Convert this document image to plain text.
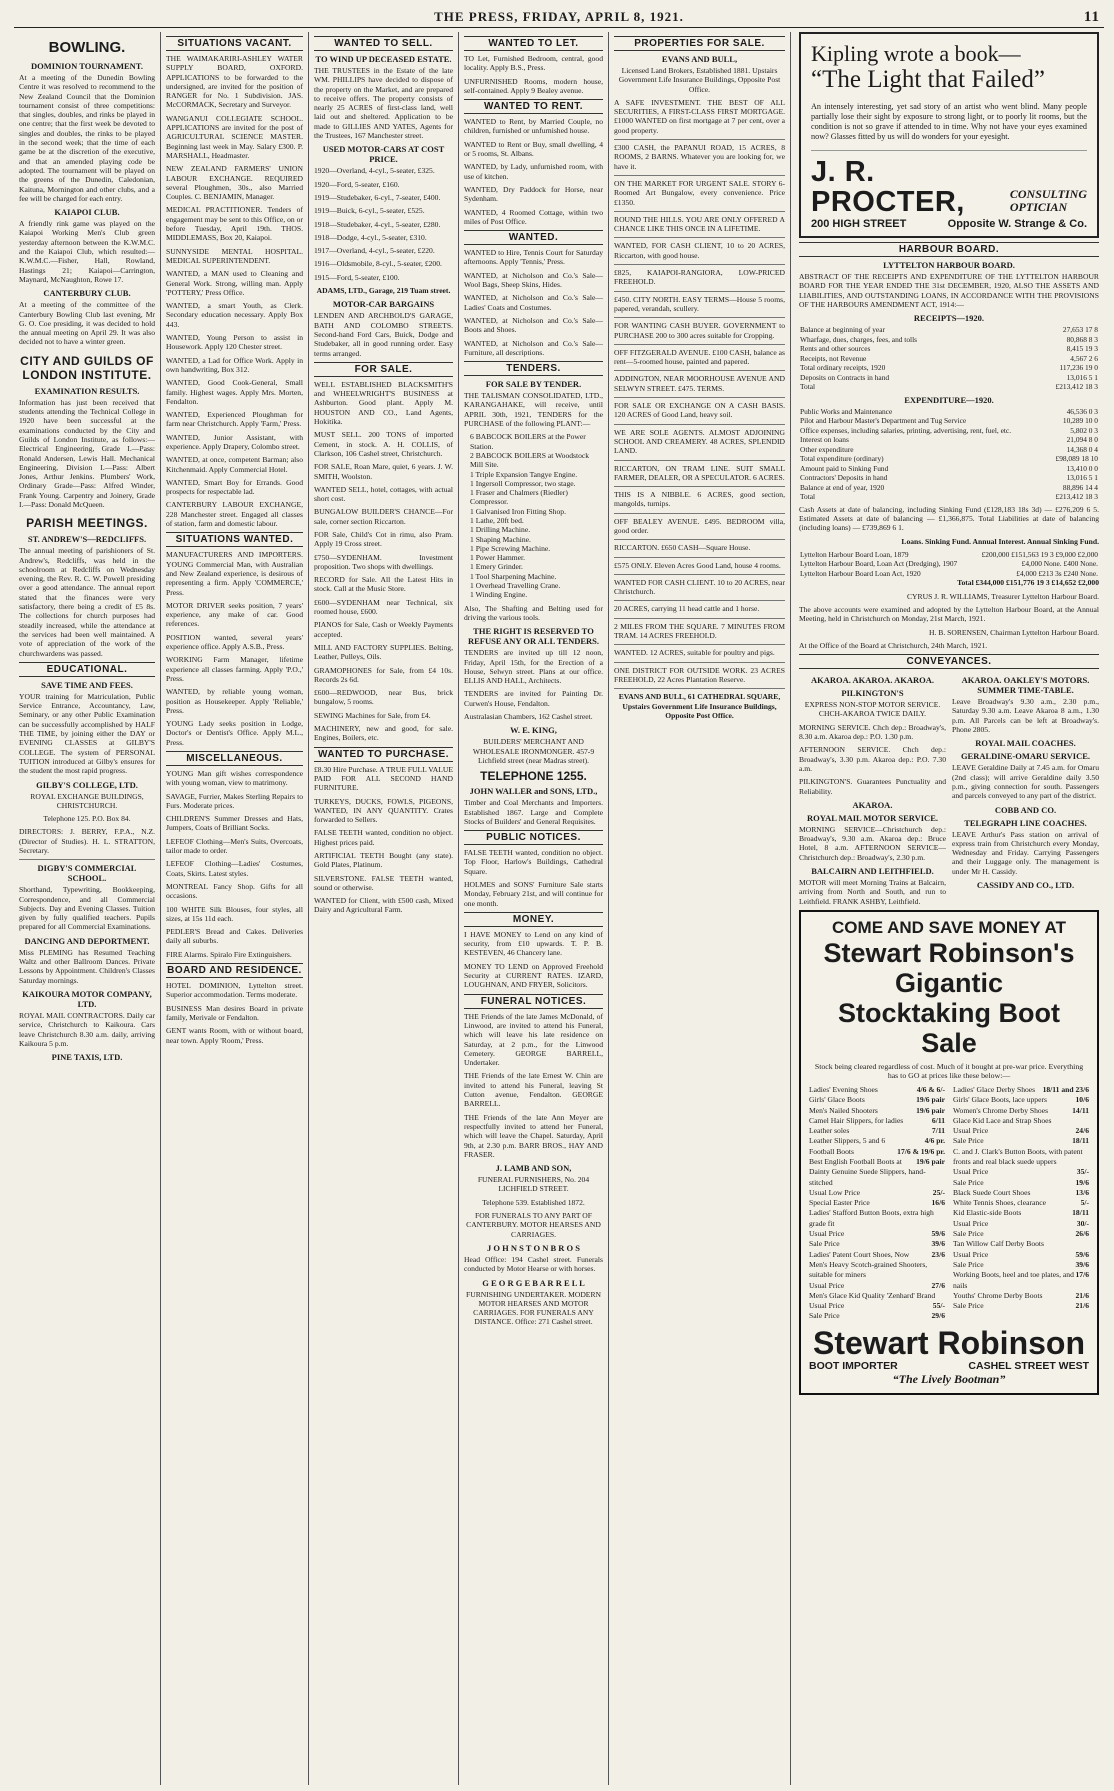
THE PRESS, FRIDAY, APRIL 8, 1921.	11
BOWLING.
DOMINION TOURNAMENT.
At a meeting of the Dunedin Bowling Centre it was resolved to recommend to the New Zealand Council that the Dominion tournament consist of three competitions: that singles, doubles, and rinks be played in one centre; that the first week be devoted to singles and doubles, the rinks to be played in the second week; that the time of each game be at the discretion of the executive, and that an amended playing code be adopted. The tournament will be played on the greens of the Dunedin, Caledonian, Kaituna, Mornington and other clubs, and a fee will be charged for each entry.
KAIAPOI CLUB.
A friendly rink game was played on the Kaiapoi Working Men's Club green yesterday afternoon between the K.W.M.C. and the Kaiapoi Club, which resulted:— K.W.M.C.—Fisher, Hall, Rowland, Hastings 21; Kaiapoi—Carrington, Maynard, McNaughton, Rowe 17.
CANTERBURY CLUB.
At a meeting of the committee of the Canterbury Bowling Club last evening, Mr G. O. Coe presiding, it was decided to hold the annual meeting on April 29. It was also decided not to have a winter green.
CITY AND GUILDS OF LONDON INSTITUTE.
EXAMINATION RESULTS.
Information has just been received that students attending the Technical College in 1920 have been successful at the examinations conducted by the City and Guilds of London Institute, as follows:— Electrical Engineering, Grade I.—Pass: Ronald Andersen, Lewis Hall. Mechanical Engineering, Division I.—Pass: Albert Jones, Arthur Jenkins. Plumbers' Work, Ordinary Grade—Pass: Alfred Winder, Frank Young. Carpentry and Joinery, Grade I.—Pass: Donald McQueen.
PARISH MEETINGS.
ST. ANDREW'S—REDCLIFFS.
The annual meeting of parishioners of St. Andrew's, Redcliffs, was held in the schoolroom at Redcliffs on Wednesday evening, the Rev. R. C. W. Powell presiding over a good attendance. The annual report stated that the finances were very satisfactory, there being a credit of £5 8s. The collections for church purposes had steadily increased, while the attendance at the services had been well maintained. A vote of appreciation of the work of the churchwardens was passed.
EDUCATIONAL.
SAVE TIME AND FEES.
YOUR training for Matriculation, Public Service Entrance, Accountancy, Law, Seminary, or any other Public Examination can be successfully accomplished by HALF THE TIME, by joining either the DAY or EVENING CLASSES at GILBY'S COLLEGE. The system of PERSONAL TUITION introduced at Gilby's ensures for the student the most rapid progress.
GILBY'S COLLEGE, LTD.
ROYAL EXCHANGE BUILDINGS, CHRISTCHURCH.
Telephone 125. P.O. Box 84.
DIRECTORS: J. BERRY, F.P.A., N.Z. (Director of Studies). H. L. STRATTON, Secretary.
DIGBY'S COMMERCIAL SCHOOL.
Shorthand, Typewriting, Bookkeeping, Correspondence, and all Commercial Subjects. Day and Evening Classes. Tuition given by fully qualified teachers. Pupils prepared for all Commercial Examinations.
DANCING AND DEPORTMENT.
Miss PLEMING has Resumed Teaching Waltz and other Ballroom Dances. Private Lessons by Appointment. Children's Classes Saturday mornings.
KAIKOURA MOTOR COMPANY, LTD.
ROYAL MAIL CONTRACTORS. Daily car service, Christchurch to Kaikoura. Cars leave Christchurch 8.30 a.m. daily, arriving Kaikoura 5 p.m.
PINE TAXIS, LTD.
SITUATIONS VACANT.
THE WAIMAKARIRI-ASHLEY WATER SUPPLY BOARD, OXFORD. APPLICATIONS to be forwarded to the undersigned, are invited for the position of RANGER for No. 1 Subdivision. JAS. McCORMACK, Secretary and Surveyor.
WANGANUI COLLEGIATE SCHOOL. APPLICATIONS are invited for the post of AGRICULTURAL SCIENCE MASTER. Beginning last week in May. Salary £300. P. MARSHALL, Headmaster.
NEW ZEALAND FARMERS' UNION LABOUR EXCHANGE. REQUIRED several Ploughmen, 30s., also Married Couples. C. BENJAMIN, Manager.
MEDICAL PRACTITIONER. Tenders of engagement may be sent to this Office, on or before Tuesday, April 19th. THOS. MIDDLEMASS, Box 20, Kaiapoi.
SUNNYSIDE MENTAL HOSPITAL. MEDICAL SUPERINTENDENT.
WANTED, a MAN used to Cleaning and General Work. Strong, willing man. Apply 'POTTERY,' Press Office.
WANTED, a smart Youth, as Clerk. Secondary education necessary. Apply Box 443.
WANTED, Young Person to assist in Housework. Apply 120 Chester street.
WANTED, a Lad for Office Work. Apply in own handwriting, Box 312.
WANTED, Good Cook-General, Small family. Highest wages. Apply Mrs. Morten, Fendalton.
WANTED, Experienced Ploughman for farm near Christchurch. Apply 'Farm,' Press.
WANTED, Junior Assistant, with experience. Apply Drapery, Colombo street.
WANTED, at once, competent Barman; also Kitchenmaid. Apply Commercial Hotel.
WANTED, Smart Boy for Errands. Good prospects for respectable lad.
CANTERBURY LABOUR EXCHANGE, 228 Manchester street. Engaged all classes of station, farm and domestic labour.
SITUATIONS WANTED.
MANUFACTURERS AND IMPORTERS. YOUNG Commercial Man, with Australian and New Zealand experience, is desirous of representing a firm. Apply 'COMMERCE,' Press.
MOTOR DRIVER seeks position, 7 years' experience, any make of car. Good references.
POSITION wanted, several years' experience office. Apply A.S.B., Press.
WORKING Farm Manager, lifetime experience all classes farming. Apply 'P.O.,' Press.
WANTED, by reliable young woman, position as Housekeeper. Apply 'Reliable,' Press.
YOUNG Lady seeks position in Lodge, Doctor's or Dentist's Office. Apply M.L., Press.
MISCELLANEOUS.
YOUNG Man gift wishes correspondence with young woman, view to matrimony.
SAVAGE, Furrier, Makes Sterling Repairs to Furs. Moderate prices.
CHILDREN'S Summer Dresses and Hats, Jumpers, Coats of Brilliant Socks.
LEFEOF Clothing—Men's Suits, Overcoats, tailor made to order.
LEFEOF Clothing—Ladies' Costumes, Coats, Skirts. Latest styles.
MONTREAL Fancy Shop. Gifts for all occasions.
100 WHITE Silk Blouses, four styles, all sizes, at 15s 11d each.
PEDLER'S Bread and Cakes. Deliveries daily all suburbs.
FIRE Alarms. Spiralo Fire Extinguishers.
BOARD AND RESIDENCE.
HOTEL DOMINION, Lyttelton street. Superior accommodation. Terms moderate.
BUSINESS Man desires Board in private family, Merivale or Fendalton.
GENT wants Room, with or without board, near town. Apply 'Room,' Press.
WANTED TO SELL.
TO WIND UP DECEASED ESTATE.
THE TRUSTEES in the Estate of the late WM. PHILLIPS have decided to dispose of the property on the Market, and are prepared to receive offers. The property consists of nearly 25 ACRES of first-class land, well laid out and sheltered. Application to be made to GILLIES AND YATES, Agents for the Trustees, 167 Manchester street.
USED MOTOR-CARS AT COST PRICE.
1920—Overland, 4-cyl., 5-seater, £325.
1920—Ford, 5-seater, £160.
1919—Studebaker, 6-cyl., 7-seater, £400.
1919—Buick, 6-cyl., 5-seater, £525.
1918—Studebaker, 4-cyl., 5-seater, £280.
1918—Dodge, 4-cyl., 5-seater, £310.
1917—Overland, 4-cyl., 5-seater, £220.
1916—Oldsmobile, 8-cyl., 5-seater, £200.
1915—Ford, 5-seater, £100.
ADAMS, LTD., Garage, 219 Tuam street.
MOTOR-CAR BARGAINS
LENDEN AND ARCHBOLD'S GARAGE, BATH AND COLOMBO STREETS. Second-hand Ford Cars, Buick, Dodge and Studebaker, all in good running order. Easy terms arranged.
FOR SALE.
WELL ESTABLISHED BLACKSMITH'S and WHEELWRIGHT'S BUSINESS at Ashburton. Good plant. Apply M. HOUSTON AND CO., Land Agents, Hokitika.
MUST SELL. 200 TONS of imported Cement, in stock. A. H. COLLIS, of Clarkson, 106 Cashel street, Christchurch.
FOR SALE, Roan Mare, quiet, 6 years. J. W. SMITH, Woolston.
WANTED SELL, hotel, cottages, with actual short cost.
BUNGALOW BUILDER'S CHANCE—For sale, corner section Riccarton.
FOR Sale, Child's Cot in rimu, also Pram. Apply 19 Cross street.
£750—SYDENHAM. Investment proposition. Two shops with dwellings.
RECORD for Sale. All the Latest Hits in stock. Call at the Music Store.
£600—SYDENHAM near Technical, six roomed house, £600.
PIANOS for Sale, Cash or Weekly Payments accepted.
MILL AND FACTORY SUPPLIES. Belting, Leather, Pulleys, Oils.
GRAMOPHONES for Sale, from £4 10s. Records 2s 6d.
£600—REDWOOD, near Bus, brick bungalow, 5 rooms.
SEWING Machines for Sale, from £4.
MACHINERY, new and good, for sale. Engines, Boilers, etc.
WANTED TO PURCHASE.
£8.30 Hire Purchase. A TRUE FULL VALUE PAID FOR ALL SECOND HAND FURNITURE.
TURKEYS, DUCKS, FOWLS, PIGEONS, WANTED, IN ANY QUANTITY. Crates forwarded to Sellers.
FALSE TEETH wanted, condition no object. Highest prices paid.
ARTIFICIAL TEETH Bought (any state). Gold Plates, Platinum.
SILVERSTONE. FALSE TEETH wanted, sound or otherwise.
WANTED for Client, with £500 cash, Mixed Dairy and Agricultural Farm.
WANTED TO LET.
TO Let, Furnished Bedroom, central, good locality. Apply B.S., Press.
UNFURNISHED Rooms, modern house, self-contained. Apply 9 Bealey avenue.
WANTED TO RENT.
WANTED to Rent, by Married Couple, no children, furnished or unfurnished house.
WANTED to Rent or Buy, small dwelling, 4 or 5 rooms, St. Albans.
WANTED, by Lady, unfurnished room, with use of kitchen.
WANTED, Dry Paddock for Horse, near Sydenham.
WANTED, 4 Roomed Cottage, within two miles of Post Office.
WANTED.
WANTED to Hire, Tennis Court for Saturday afternoons. Apply 'Tennis,' Press.
WANTED, at Nicholson and Co.'s Sale—Wool Bags, Sheep Skins, Hides.
WANTED, at Nicholson and Co.'s Sale—Ladies' Coats and Costumes.
WANTED, at Nicholson and Co.'s Sale—Boots and Shoes.
WANTED, at Nicholson and Co.'s Sale—Furniture, all descriptions.
TENDERS.
FOR SALE BY TENDER.
THE TALISMAN CONSOLIDATED, LTD., KARANGAHAKE, will receive, until APRIL 30th, 1921, TENDERS for the PURCHASE of the following PLANT:—
6 BABCOCK BOILERS at the Power Station.
2 BABCOCK BOILERS at Woodstock Mill Site.
1 Triple Expansion Tangye Engine.
1 Ingersoll Compressor, two stage.
1 Fraser and Chalmers (Riedler) Compressor.
1 Galvanised Iron Fitting Shop.
1 Lathe, 20ft bed.
1 Drilling Machine.
1 Shaping Machine.
1 Pipe Screwing Machine.
1 Power Hammer.
1 Emery Grinder.
1 Tool Sharpening Machine.
1 Overhead Travelling Crane.
1 Winding Engine.
Also, The Shafting and Belting used for driving the various tools.
THE RIGHT IS RESERVED TO REFUSE ANY OR ALL TENDERS.
TENDERS are invited up till 12 noon, Friday, April 15th, for the Erection of a House, Selwyn street. Plans at our office. ELLIS AND HALL, Architects.
TENDERS are invited for Painting Dr. Curwen's House, Fendalton.
Australasian Chambers, 162 Cashel street.
W. E. KING,
BUILDERS' MERCHANT AND WHOLESALE IRONMONGER. 457-9 Lichfield street (near Madras street).
TELEPHONE 1255.
JOHN WALLER and SONS, LTD.,
Timber and Coal Merchants and Importers. Established 1867. Large and Complete Stocks of Builders' and General Requisites.
PUBLIC NOTICES.
FALSE TEETH wanted, condition no object. Top Floor, Harlow's Buildings, Cathedral Square.
HOLMES and SONS' Furniture Sale starts Monday, February 21st, and will continue for one month.
MONEY.
I HAVE MONEY to Lend on any kind of security, from £10 upwards. T. P. B. KESTEVEN, 46 Chancery lane.
MONEY TO LEND on Approved Freehold Security at CURRENT RATES. IZARD, LOUGHNAN, AND FRYER, Solicitors.
FUNERAL NOTICES.
THE Friends of the late James McDonald, of Linwood, are invited to attend his Funeral, which will leave his late residence on Saturday, at 2 p.m., for the Linwood Cemetery. GEORGE BARRELL, Undertaker.
THE Friends of the late Ernest W. Chin are invited to attend his Funeral, leaving St Cutton avenue, Fendalton. GEORGE BARRELL.
THE Friends of the late Ann Meyer are respectfully invited to attend her Funeral, which will leave the Chapel. Saturday, April 9th, at 2.30 p.m. BARR BROS., HAY AND FRASER.
J. LAMB AND SON,
FUNERAL FURNISHERS, No. 204 LICHFIELD STREET.
Telephone 539. Established 1872.
FOR FUNERALS TO ANY PART OF CANTERBURY. MOTOR HEARSES AND CARRIAGES.
J O H N S T O N B R O S
Head Office: 194 Cashel street. Funerals conducted by Motor Hearse or with horses.
G E O R G E B A R R E L L
FURNISHING UNDERTAKER. MODERN MOTOR HEARSES AND MOTOR CARRIAGES. FOR FUNERALS ANY DISTANCE. Office: 271 Cashel street.
PROPERTIES FOR SALE.
EVANS AND BULL,
Licensed Land Brokers, Established 1881. Upstairs Government Life Insurance Buildings, Opposite Post Office.
A SAFE INVESTMENT. THE BEST OF ALL SECURITIES, A FIRST-CLASS FIRST MORTGAGE. £1000 WANTED on first mortgage at 7 per cent, over a good property.
£300 CASH, the PAPANUI ROAD, 15 ACRES, 8 ROOMS, 2 BARNS. Whatever you are looking for, we have it.
ON THE MARKET FOR URGENT SALE. STORY 6-Roomed Art Bungalow, every convenience. Price £1350.
ROUND THE HILLS. YOU ARE ONLY OFFERED A CHANCE LIKE THIS ONCE IN A LIFETIME.
WANTED, FOR CASH CLIENT, 10 to 20 ACRES, Riccarton, with good house.
£825, KAIAPOI-RANGIORA, LOW-PRICED FREEHOLD.
£450. CITY NORTH. EASY TERMS—House 5 rooms, papered, verandah, scullery.
FOR WANTING CASH BUYER. GOVERNMENT to PURCHASE 200 to 300 acres suitable for Cropping.
OFF FITZGERALD AVENUE. £100 CASH, balance as rent—5-roomed house, painted and papered.
ADDINGTON, NEAR MOORHOUSE AVENUE AND SELWYN STREET. £475. TERMS.
FOR SALE OR EXCHANGE ON A CASH BASIS. 120 ACRES of Good Land, heavy soil.
WE ARE SOLE AGENTS. ALMOST ADJOINING SCHOOL AND CREAMERY. 48 ACRES, SPLENDID LAND.
RICCARTON, ON TRAM LINE. SUIT SMALL FARMER, DEALER, OR A SPECULATOR. 6 ACRES.
THIS IS A NIBBLE. 6 ACRES, good section, mangolds, turnips.
OFF BEALEY AVENUE. £495. BEDROOM villa, good order.
RICCARTON. £650 CASH—Square House.
£575 ONLY. Eleven Acres Good Land, house 4 rooms.
WANTED FOR CASH CLIENT. 10 to 20 ACRES, near Christchurch.
20 ACRES, carrying 11 head cattle and 1 horse.
2 MILES FROM THE SQUARE. 7 MINUTES FROM TRAM. 14 ACRES FREEHOLD.
WANTED. 12 ACRES, suitable for poultry and pigs.
ONE DISTRICT FOR OUTSIDE WORK. 23 ACRES FREEHOLD, 22 Acres Plantation Reserve.
EVANS AND BULL, 61 CATHEDRAL SQUARE, Upstairs Government Life Insurance Buildings, Opposite Post Office.
Kipling wrote a book—
“The Light that Failed”
An intensely interesting, yet sad story of an artist who went blind. Many people partially lose their sight by exposure to strong light, or to poorly lit rooms, but the condition is not so grave if attended to in time. Why not have your eyes examined now? Glasses fitted by us will do wonders for your eyesight.
J. R. PROCTER,	CONSULTING
OPTICIAN
200 HIGH STREET	Opposite W. Strange & Co.
HARBOUR BOARD.
LYTTELTON HARBOUR BOARD.
ABSTRACT OF THE RECEIPTS AND EXPENDITURE OF THE LYTTELTON HARBOUR BOARD FOR THE YEAR ENDED THE 31st DECEMBER, 1920, ALSO THE ASSETS AND LIABILITIES, AND OUTSTANDING LOANS, IN ACCORDANCE WITH THE PROVISIONS OF THE HARBOURS AMENDMENT ACT, 1914:—
RECEIPTS—1920.
Balance at beginning of year	27,653 17 8
Wharfage, dues, charges, fees, and tolls	80,868 8 3
Rents and other sources	8,415 19 3
Receipts, not Revenue	4,567 2 6
Total ordinary receipts, 1920	117,236 19 0
Deposits on Contracts in hand	13,016 5 1
Total	£213,412 18 3
EXPENDITURE—1920.
Public Works and Maintenance	46,536 0 3
Pilot and Harbour Master's Department and Tug Service	10,289 10 0
Office expenses, including salaries, printing, advertising, rent, fuel, etc.	5,802 0 3
Interest on loans	21,094 8 0
Other expenditure	14,368 0 4
Total expenditure (ordinary)	£98,089 18 10
Amount paid to Sinking Fund	13,410 0 0
Contractors' Deposits in hand	13,016 5 1
Balance at end of year, 1920	88,896 14 4
Total	£213,412 18 3
Cash Assets at date of balancing, including Sinking Fund (£128,183 18s 3d) — £276,209 6 5. Estimated Assets at date of balancing — £1,366,875. Total Liabilities at date of balancing (including loans) — £739,869 6 1.
Loans. Sinking Fund. Annual Interest. Annual Sinking Fund.
Lyttelton Harbour Board Loan, 1879	£200,000 £151,563 19 3 £9,000 £2,000
Lyttelton Harbour Board, Loan Act (Dredging), 1907	£4,000 None. £400 None.
Lyttelton Harbour Board Loan Act, 1920	£4,000 £213 3s £240 None.
Total £344,000 £151,776 19 3 £14,652 £2,000
CYRUS J. R. WILLIAMS, Treasurer Lyttelton Harbour Board.
The above accounts were examined and adopted by the Lyttelton Harbour Board, at the Annual Meeting, held in Christchurch on Monday, 21st March, 1921.
H. B. SORENSEN, Chairman Lyttelton Harbour Board.
At the Office of the Board at Christchurch, 24th March, 1921.
CONVEYANCES.
AKAROA. AKAROA. AKAROA.
PILKINGTON'S
EXPRESS NON-STOP MOTOR SERVICE. CHCH-AKAROA TWICE DAILY.
MORNING SERVICE. Chch dep.: Broadway's, 8.30 a.m. Akaroa dep.: P.O. 1.30 p.m.
AFTERNOON SERVICE. Chch dep.: Broadway's, 3.30 p.m. Akaroa dep.: P.O. 7.30 a.m.
PILKINGTON'S. Guarantees Punctuality and Reliability.
AKAROA.
ROYAL MAIL MOTOR SERVICE.
MORNING SERVICE—Christchurch dep.: Broadway's, 9.30 a.m. Akaroa dep.: Bruce Hotel, 8 a.m. AFTERNOON SERVICE—Christchurch dep.: Broadway's, 2.30 p.m.
BALCAIRN AND LEITHFIELD.
MOTOR will meet Morning Trains at Balcairn, arriving from North and South, and run to Leithfield. FRANK ASHBY, Leithfield.
AKAROA. OAKLEY'S MOTORS. SUMMER TIME-TABLE.
Leave Broadway's 9.30 a.m., 2.30 p.m., Saturday 9.30 a.m. Leave Akaroa 8 a.m., 1.30 p.m. All Parcels can be left at Broadway's. Phone 2805.
ROYAL MAIL COACHES.
GERALDINE-OMARU SERVICE.
LEAVE Geraldine Daily at 7.45 a.m. for Omaru (2nd class); will arrive Geraldine daily 3.50 p.m., giving connection for south. Passengers and parcels conveyed to any part of the district.
COBB AND CO.
TELEGRAPH LINE COACHES.
LEAVE Arthur's Pass station on arrival of express train from Christchurch every Monday, Wednesday and Friday. Carrying Passengers and their Luggage only. The management is under Mr H. Cassidy.
CASSIDY AND CO., LTD.
COME AND SAVE MONEY AT
Stewart Robinson's Gigantic
Stocktaking Boot Sale
Stock being cleared regardless of cost. Much of it bought at pre-war price. Everything has to GO at prices like these below:—
Ladies' Evening Shoes	4/6 & 6/-
Girls' Glace Boots	19/6 pair
Men's Nailed Shooters	19/6 pair
Camel Hair Slippers, for ladies	6/11
Leather soles	7/11
Leather Slippers, 5 and 6	4/6 pr.
Football Boots	17/6 & 19/6 pr.
Best English Football Boots at 19/6 pair
Dainty Genuine Suede Slippers, hand-stitched
Usual Low Price	25/-
Special Easter Price	16/6
Ladies' Stafford Button Boots, extra high grade fit
Usual Price	59/6
Sale Price	39/6
Ladies' Patent Court Shoes, Now	23/6
Men's Heavy Scotch-grained Shooters, suitable for miners
Usual Price	27/6
Men's Glace Kid Quality 'Zenhard' Brand
Usual Price	55/-
Sale Price	29/6
Ladies' Glace Derby Shoes 18/11 and 23/6
Girls' Glace Boots, lace uppers	10/6
Women's Chrome Derby Shoes	14/11
Glace Kid Lace and Strap Shoes
Usual Price	24/6
Sale Price	18/11
C. and J. Clark's Button Boots, with patent fronts and real black suede uppers
Usual Price	35/-
Sale Price	19/6
Black Suede Court Shoes	13/6
White Tennis Shoes, clearance	5/-
Kid Elastic-side Boots	18/11
Usual Price	30/-
Sale Price	26/6
Tan Willow Calf Derby Boots
Usual Price	59/6
Sale Price	39/6
Working Boots, heel and toe plates, and nails
17/6
Youths' Chrome Derby Boots	21/6
Sale Price	21/6
Stewart Robinson
BOOT IMPORTER	CASHEL STREET WEST
“The Lively Bootman”
